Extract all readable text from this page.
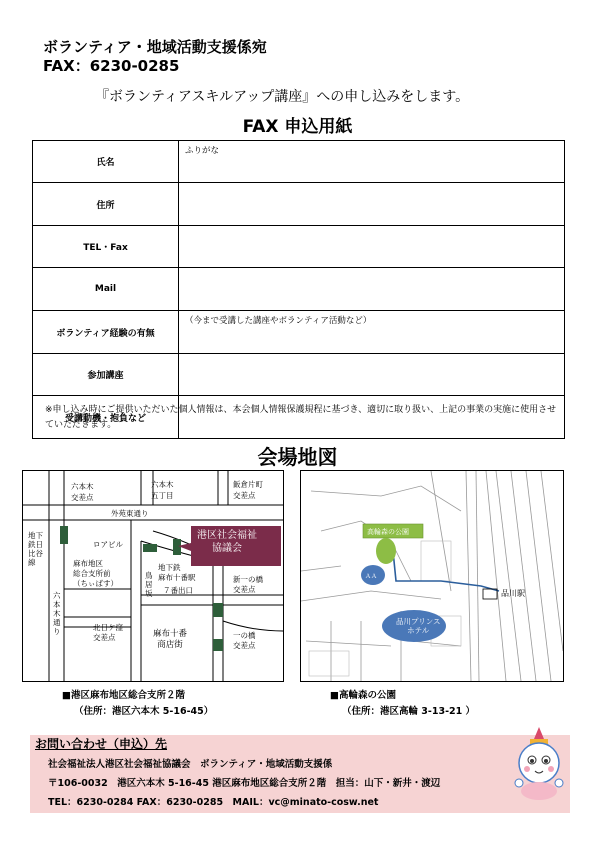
ボランティア・地域活動支援係宛
FAX：6230-0285
『ボランティアスキルアップ講座』への申し込みをします。
FAX 申込用紙
氏名	ふりがな
住所	
TEL・Fax	
Mail	
ボランティア経験の有無	（今まで受講した講座やボランティア活動など）
参加講座	
受講動機・抱負など	
※申し込み時にご提供いただいた個人情報は、本会個人情報保護規程に基づき、適切に取り扱い、上記の事業の実施に使用させていただきます。
会場地図
六本木
五丁目
六本木
交差点
飯倉片町
交差点
外苑東通り
ロアビル
地下鉄日比谷線	麻布地区
総合支所前
（ちぃばす）
鳥居坂
地下鉄
麻布十番駅
７番出口
六本木通り
新一の橋
交差点
一の橋
交差点
麻布十番
商店街
北日ケ窪
交差点
港区社会福祉
協議会
■港区麻布地区総合支所２階
（住所：港区六本木 5-16-45）
高輪森の公園
ＡＡ
品川プリンス
ホテル
品川駅
■高輪森の公園
（住所：港区高輪 3-13-21 ）
お問い合わせ（申込）先
社会福祉法人港区社会福祉協議会　ボランティア・地域活動支援係
〒106-0032　港区六本木 5-16-45 港区麻布地区総合支所２階　担当：山下・新井・渡辺
TEL：6230-0284 FAX：6230-0285　MAIL：vc@minato-cosw.net
